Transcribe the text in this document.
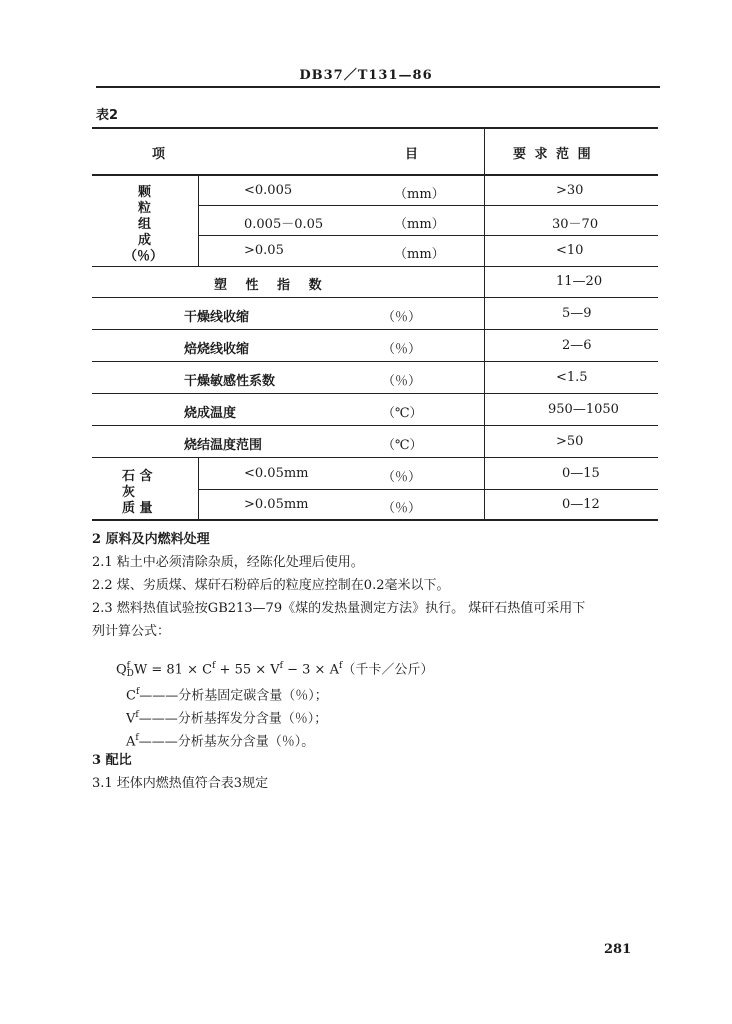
DB37／T131—86
表2
项	目	要 求 范 围
颗
粒
组
成
（％）
<0.005	（mm）	>30
0.005－0.05	（mm）	30－70
>0.05	（mm）	<10
塑 性 指 数	11—20
干燥线收缩	（％）	5—9
焙烧线收缩	（％）	2—6
干燥敏感性系数	（％）	<1.5
烧成温度	（℃）	950—1050
烧结温度范围	（℃）	>50
石 含
灰
质 量
<0.05mm	（％）	0—15
>0.05mm	（％）	0—12
2 原料及内燃料处理
2.1 粘土中必须清除杂质，经陈化处理后使用。
2.2 煤、劣质煤、煤矸石粉碎后的粒度应控制在0.2毫米以下。
2.3 燃料热值试验按GB213—79《煤的发热量测定方法》执行。 煤矸石热值可采用下
列计算公式：
Q f
D $W = 81 \times C^f + 55 \times V^f - 3 \times A^f$（千卡／公斤）
$C^f———$分析基固定碳含量（％）；
$V^f———$分析基挥发分含量（％）；
$A^f———$分析基灰分含量（％）。
3 配比
3.1 坯体内燃热值符合表3规定
281
